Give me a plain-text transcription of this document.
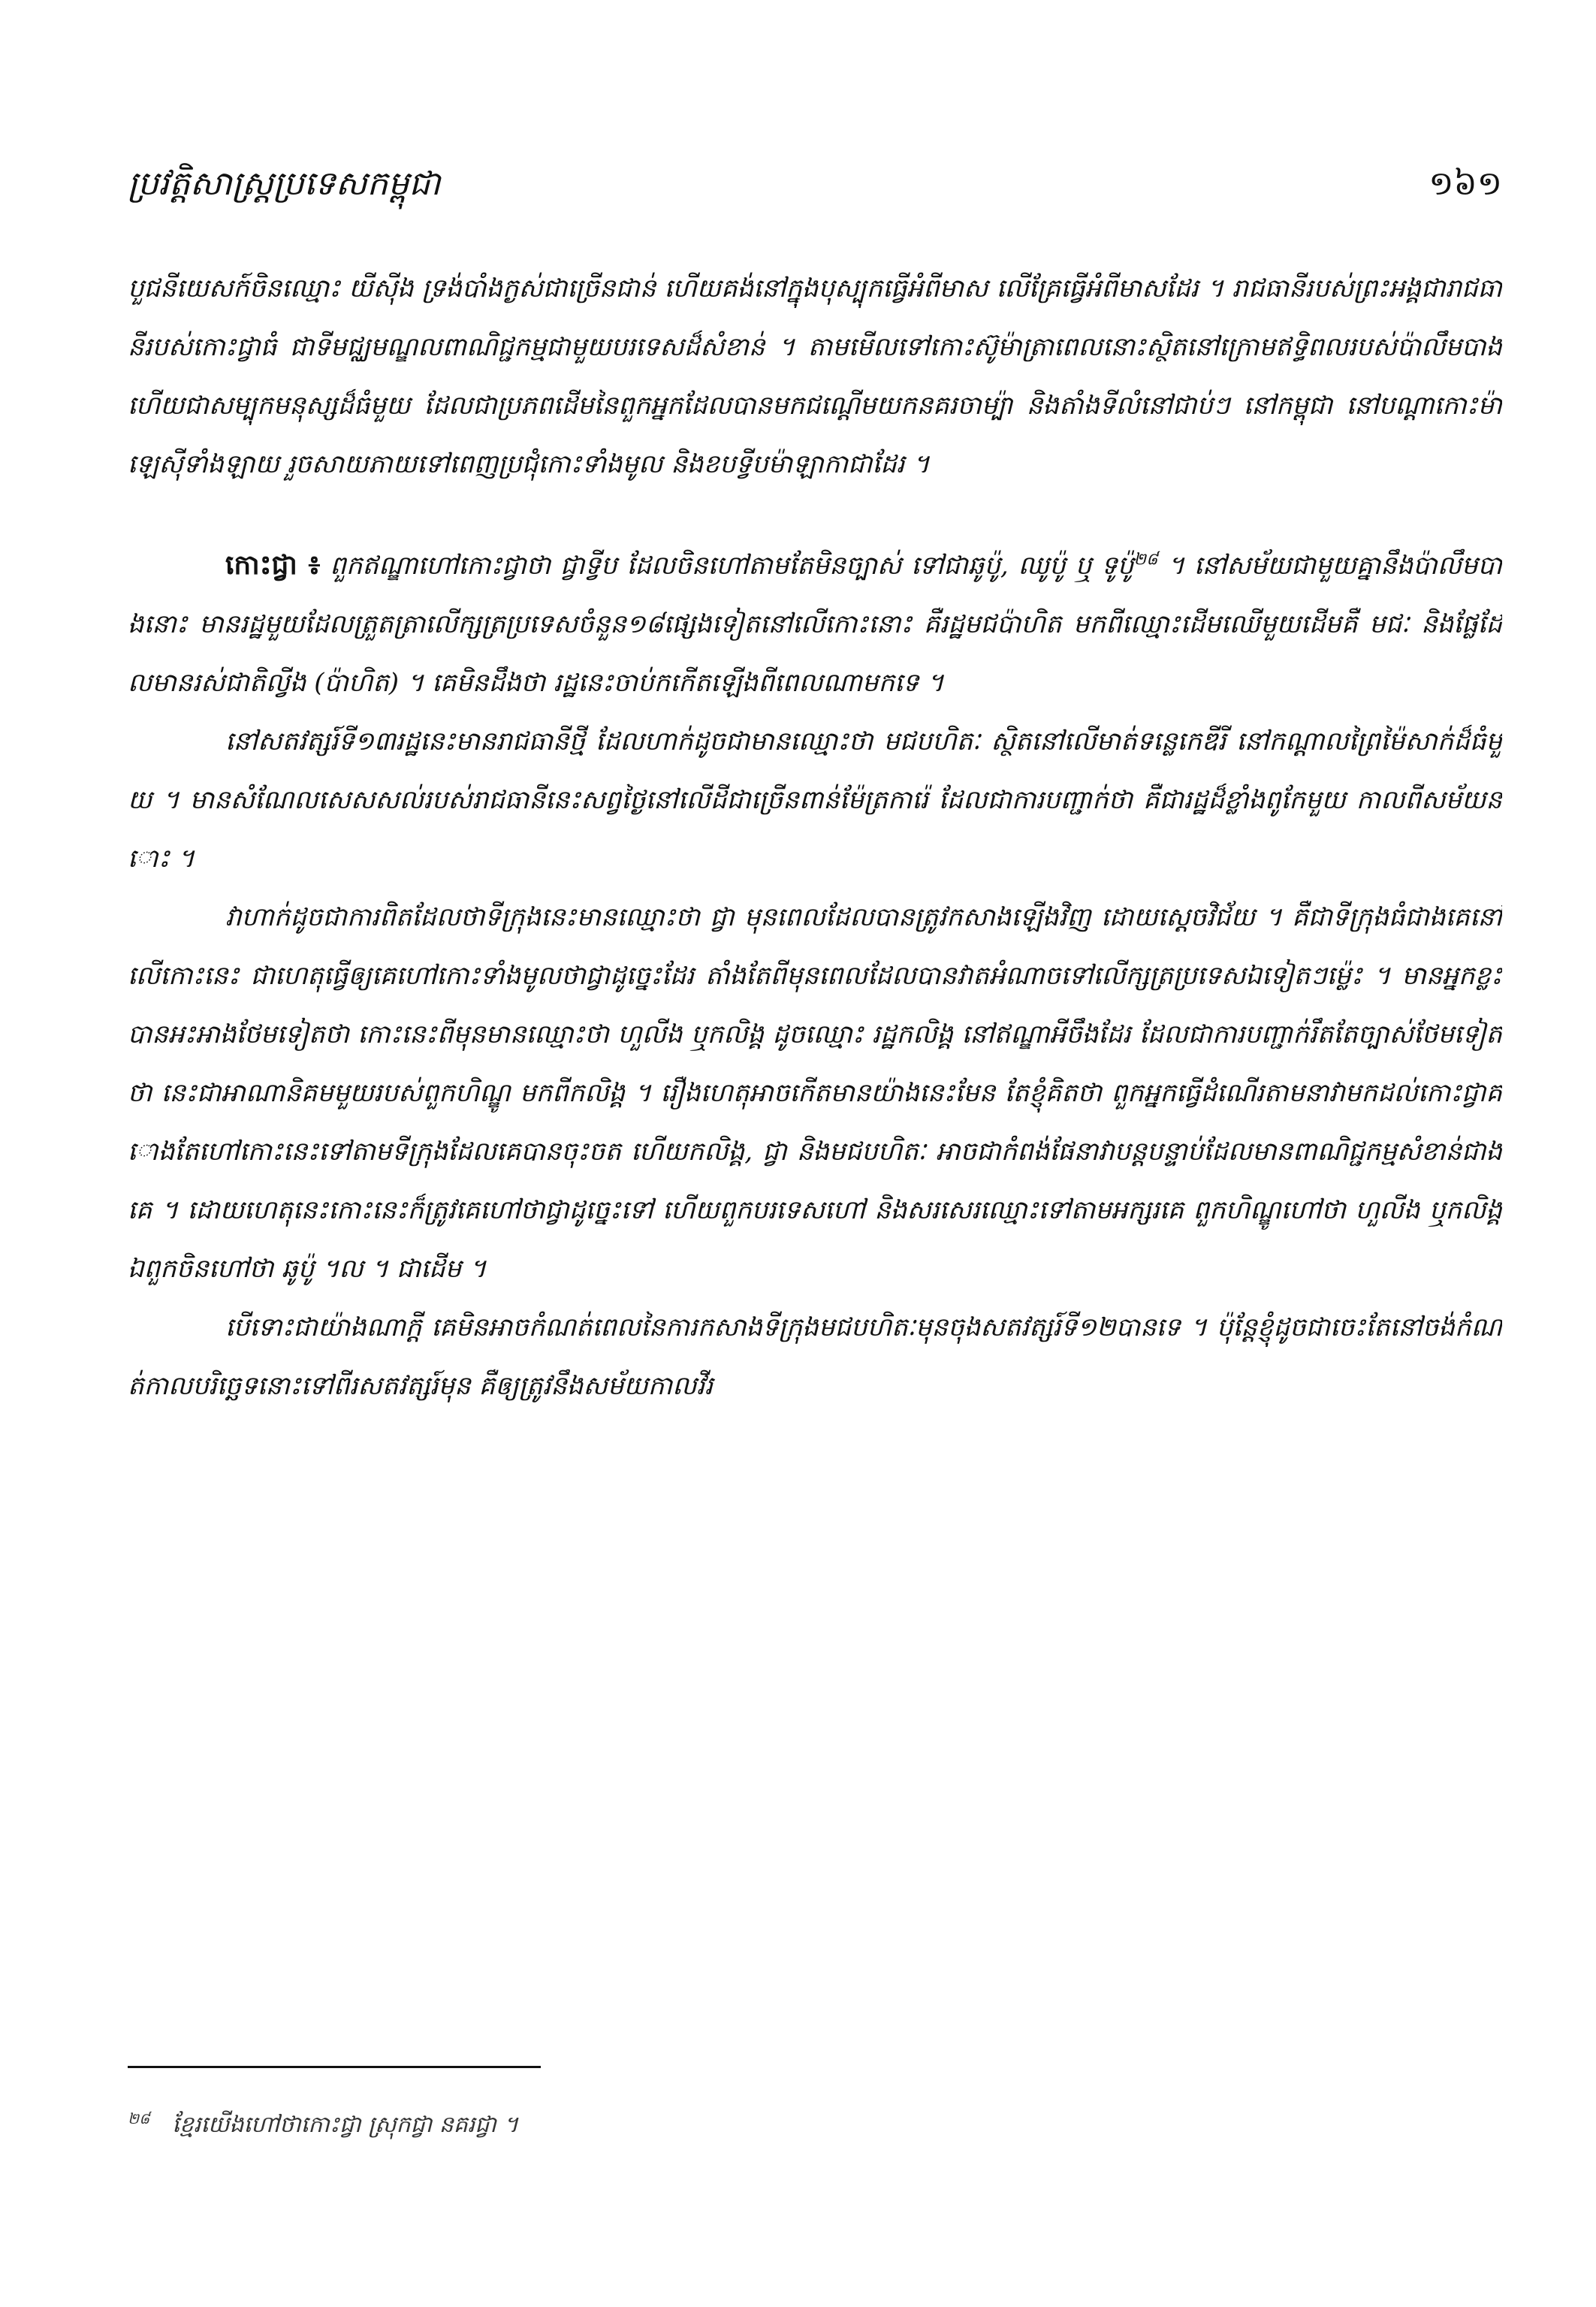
ប្រវត្តិសាស្ត្រប្រទេសកម្ពុជា	១៦១

បួជនីយេសក៍ចិនឈ្មោះ យីស៊ីង ទ្រង់បាំងក្ងស់ជាច្រើនជាន់ ហើយគង់នៅក្នុងបុស្បុកធ្វើអំពីមាស លើគ្រែធ្វើអំពីមាសដែរ ។ រាជធានីរបស់ព្រះអង្គជារាជធានីរបស់កោះជ្វាធំ ជាទីមជ្ឈមណ្ឌលពាណិជ្ជកម្មជាមួយបរទេសដ៏សំខាន់ ។ តាមមើលទៅកោះស៊ូម៉ាត្រាពេលនោះស្ថិតនៅក្រោមឥទ្ធិពលរបស់ប៉ាលឹមបាង ហើយជាសម្បុកមនុស្សដ៏ធំមួយ ដែលជាប្រភពដើមនៃពួកអ្នកដែលបានមកជណ្តើមយកនគរចាម្ប៉ា និងតាំងទីលំនៅជាប់ៗ នៅកម្ពុជា នៅបណ្ដាកោះម៉ាឡេស៊ីទាំងឡាយ រួចសាយភាយទៅពេញប្រជុំកោះទាំងមូល និងខបទ្វីបម៉ាឡាកាជាដែរ ។

កោះជ្វា ៖ ពួកឥណ្ឌាហៅកោះជ្វាថា ជ្វាទ្វីប ដែលចិនហៅតាមតែមិនច្បាស់ ទៅជាឆូប៉ូ, ឈូប៉ូ ឬ ទូប៉ូ$^{២៨}$ ។ នៅសម័យជាមួយគ្នានឹងប៉ាលឹមបាងនោះ មានរដ្ឋមួយដែលត្រួតត្រាលើក្សត្រប្រទេសចំនួន១៨ផ្សេងទៀតនៅលើកោះនោះ គឺរដ្ឋមជប៉ាហិត មកពីឈ្មោះដើមឈើមួយដើមគឺ មជៈ និងផ្លែដែលមានរស់ជាតិល្វីង (ប៉ាហិត) ។ គេមិនដឹងថា រដ្ឋនេះចាប់កកើតឡើងពីពេលណាមកទេ ។

នៅសតវត្សរ៍ទី១៣រដ្ឋនេះមានរាជធានីថ្មី ដែលហាក់ដូចជាមានឈ្មោះថា មជបហិតៈ ស្ថិតនៅលើមាត់ទន្លេកេឌីរី នៅកណ្ដាលព្រៃម៉ៃសាក់ដ៏ធំមួយ ។ មានសំណែលសេសសល់របស់រាជធានីនេះសព្វថ្ងៃនៅលើដីជាច្រើនពាន់ម៉ែត្រការ៉េ ដែលជាការបញ្ជាក់ថា គឺជារដ្ឋដ៏ខ្លាំងពូកែមួយ កាលពីសម័យនោះ ។

វាហាក់ដូចជាការពិតដែលថាទីក្រុងនេះមានឈ្មោះថា ជ្វា មុនពេលដែលបានត្រូវកសាងឡើងវិញ ដោយស្ដេចវិជ័យ ។ គឺជាទីក្រុងធំជាងគេនៅលើកោះនេះ ជាហេតុធ្វើឲ្យគេហៅកោះទាំងមូលថាជ្វាដូច្នេះដែរ តាំងតែពីមុនពេលដែលបានវាតអំណាចទៅលើក្សត្រប្រទេសឯទៀតៗម្ល៉េះ ។ មានអ្នកខ្លះបានអះអាងថែមទៀតថា កោះនេះពីមុនមានឈ្មោះថា ហួលីង ឬកលិង្គ ដូចឈ្មោះ រដ្ឋកលិង្គ នៅឥណ្ឌាអីចឹងដែរ ដែលជាការបញ្ជាក់រឹតតែច្បាស់ថែមទៀតថា នេះជាអាណានិគមមួយរបស់ពួកហិណ្ឌូ មកពីកលិង្គ ។ រឿងហេតុអាចកើតមានយ៉ាងនេះមែន តែខ្ញុំគិតថា ពួកអ្នកធ្វើដំណើរតាមនាវាមកដល់កោះជ្វាគោងតែហៅកោះនេះទៅតាមទីក្រុងដែលគេបានចុះចត ហើយកលិង្គ, ជ្វា និងមជបហិតៈ អាចជាកំពង់ផែនាវាបន្តបន្ទាប់ដែលមានពាណិជ្ជកម្មសំខាន់ជាងគេ ។ ដោយហេតុនេះកោះនេះក៏ត្រូវគេហៅថាជ្វាដូច្នេះទៅ ហើយពួកបរទេសហៅ និងសរសេរឈ្មោះទៅតាមអក្សរគេ ពួកហិណ្ឌូហៅថា ហួលីង ឬកលិង្គ ឯពួកចិនហៅថា ឆូប៉ូ ។ល ។ ជាដើម ។

បើទោះជាយ៉ាងណាក្ដី គេមិនអាចកំណត់ពេលនៃការកសាងទីក្រុងមជបហិតៈមុនចុងសតវត្សរ៍ទី១២បានទេ ។ ប៉ុន្តែខ្ញុំដូចជាចេះតែនៅចង់កំណត់កាលបរិច្ឆេទនោះទៅពីរសតវត្សរ៍មុន គឺឲ្យត្រូវនឹងសម័យកាលវីរ

$^{២៨}$ ខ្មែរយើងហៅថាកោះជ្វា ស្រុកជ្វា នគរជ្វា ។
